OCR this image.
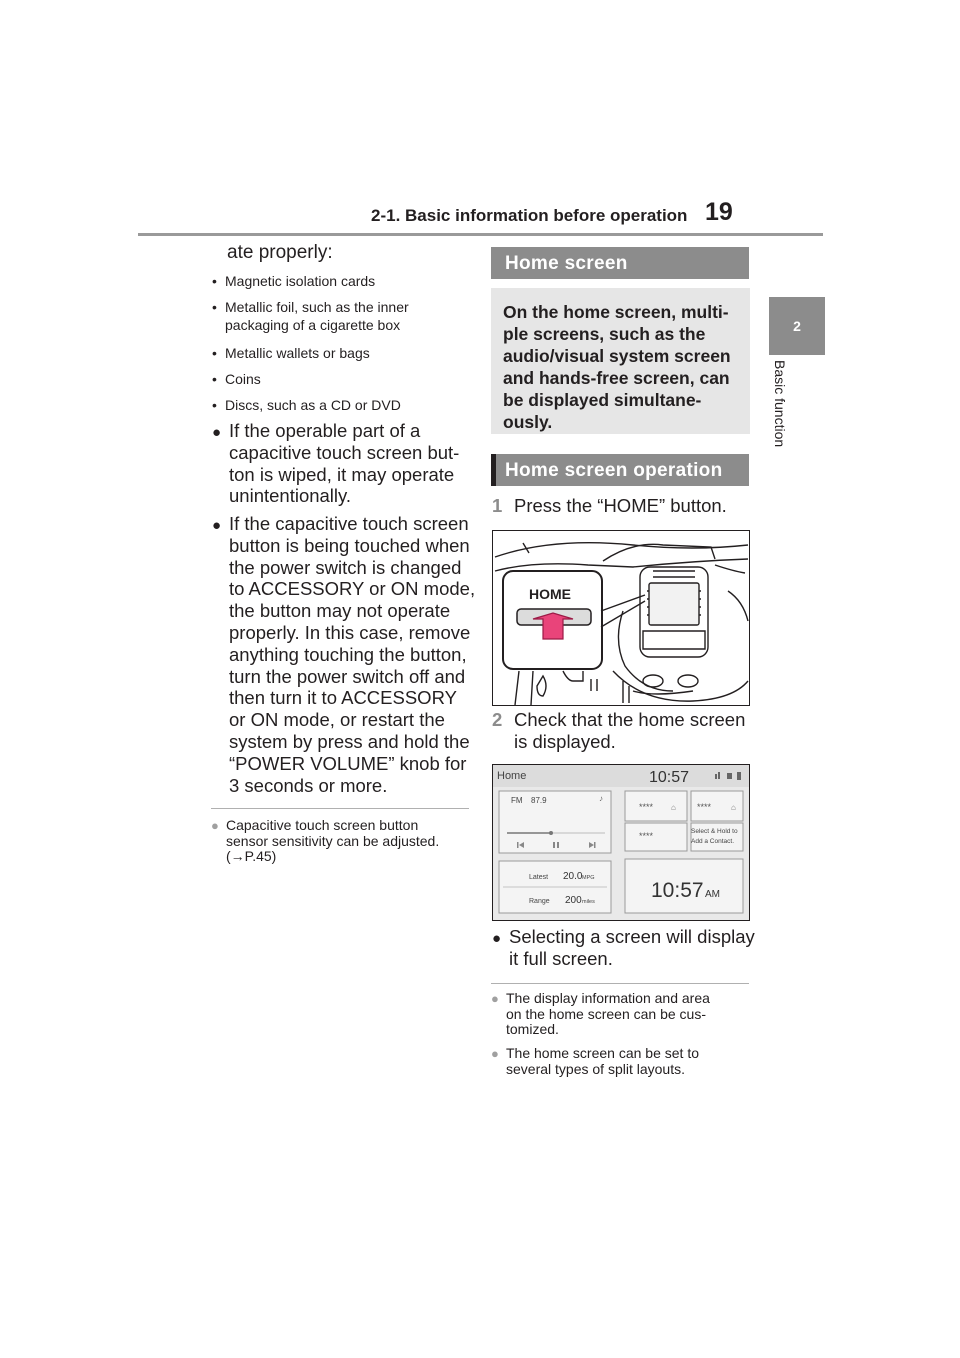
2-1. Basic information before operation 19
2
Basic function
ate properly:
• Magnetic isolation cards
• Metallic foil, such as the inner
packaging of a cigarette box
• Metallic wallets or bags
• Coins
• Discs, such as a CD or DVD
● If the operable part of a
capacitive touch screen but-
ton is wiped, it may operate
unintentionally.
● If the capacitive touch screen
button is being touched when
the power switch is changed
to ACCESSORY or ON mode,
the button may not operate
properly. In this case, remove
anything touching the button,
turn the power switch off and
then turn it to ACCESSORY
or ON mode, or restart the
system by press and hold the
“POWER VOLUME” knob for
3 seconds or more.
● Capacitive touch screen button
sensor sensitivity can be adjusted.
(→P.45)
Home screen
On the home screen, multi-
ple screens, such as the
audio/visual system screen
and hands-free screen, can
be displayed simultane-
ously.
Home screen operation
1 Press the “HOME” button.
HOME
2 Check that the home screen
is displayed.
Home	10:57
FM 87.9	♪
**** ⌂ **** ⌂
****	Select & Hold to
Add a Contact.
Latest 20.0 MPG
Range 200 miles	10:57 AM
● Selecting a screen will display
it full screen.
● The display information and area
on the home screen can be cus-
tomized.
● The home screen can be set to
several types of split layouts.
